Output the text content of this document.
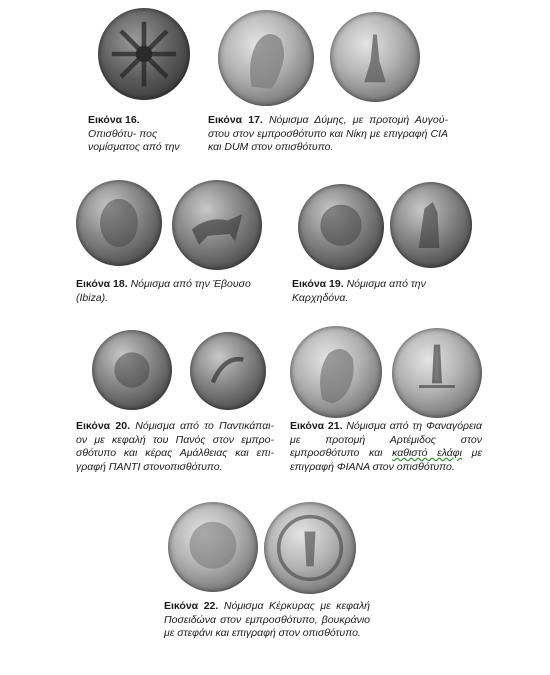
Εικόνα 16.
Οπισθότυ- πος νομίσματος από την
Εικόνα 17. Νόμισμα Δύμης, με προτομή Αυγού- στου στον εμπροσθότυπο και Νίκη με επιγραφή CIA και DUM στον οπισθότυπο.
Εικόνα 18. Νόμισμα από την Έβουσο (Ibiza).
Εικόνα 19. Νόμισμα από την Καρχηδόνα.
Εικόνα 20. Νόμισμα από το Παντικάπαι- ον με κεφαλή του Πανός στον εμπρο- σθότυπο και κέρας Αμάλθειας και επι- γραφή ΠΑΝΤΙ στονοπισθότυπο.
Εικόνα 21. Νόμισμα από τη Φαναγόρεια με προτομή Αρτέμιδος στον εμπροσθότυπο και καθιστό ελάφι με επιγραφή ΦΙΑΝΑ στον οπισθότυπο.
Εικόνα 22. Νόμισμα Κέρκυρας με κεφαλή Ποσειδώνα στον εμπροσθότυπο, βουκράνιο με στεφάνι και επιγραφή στον οπισθότυπο.
